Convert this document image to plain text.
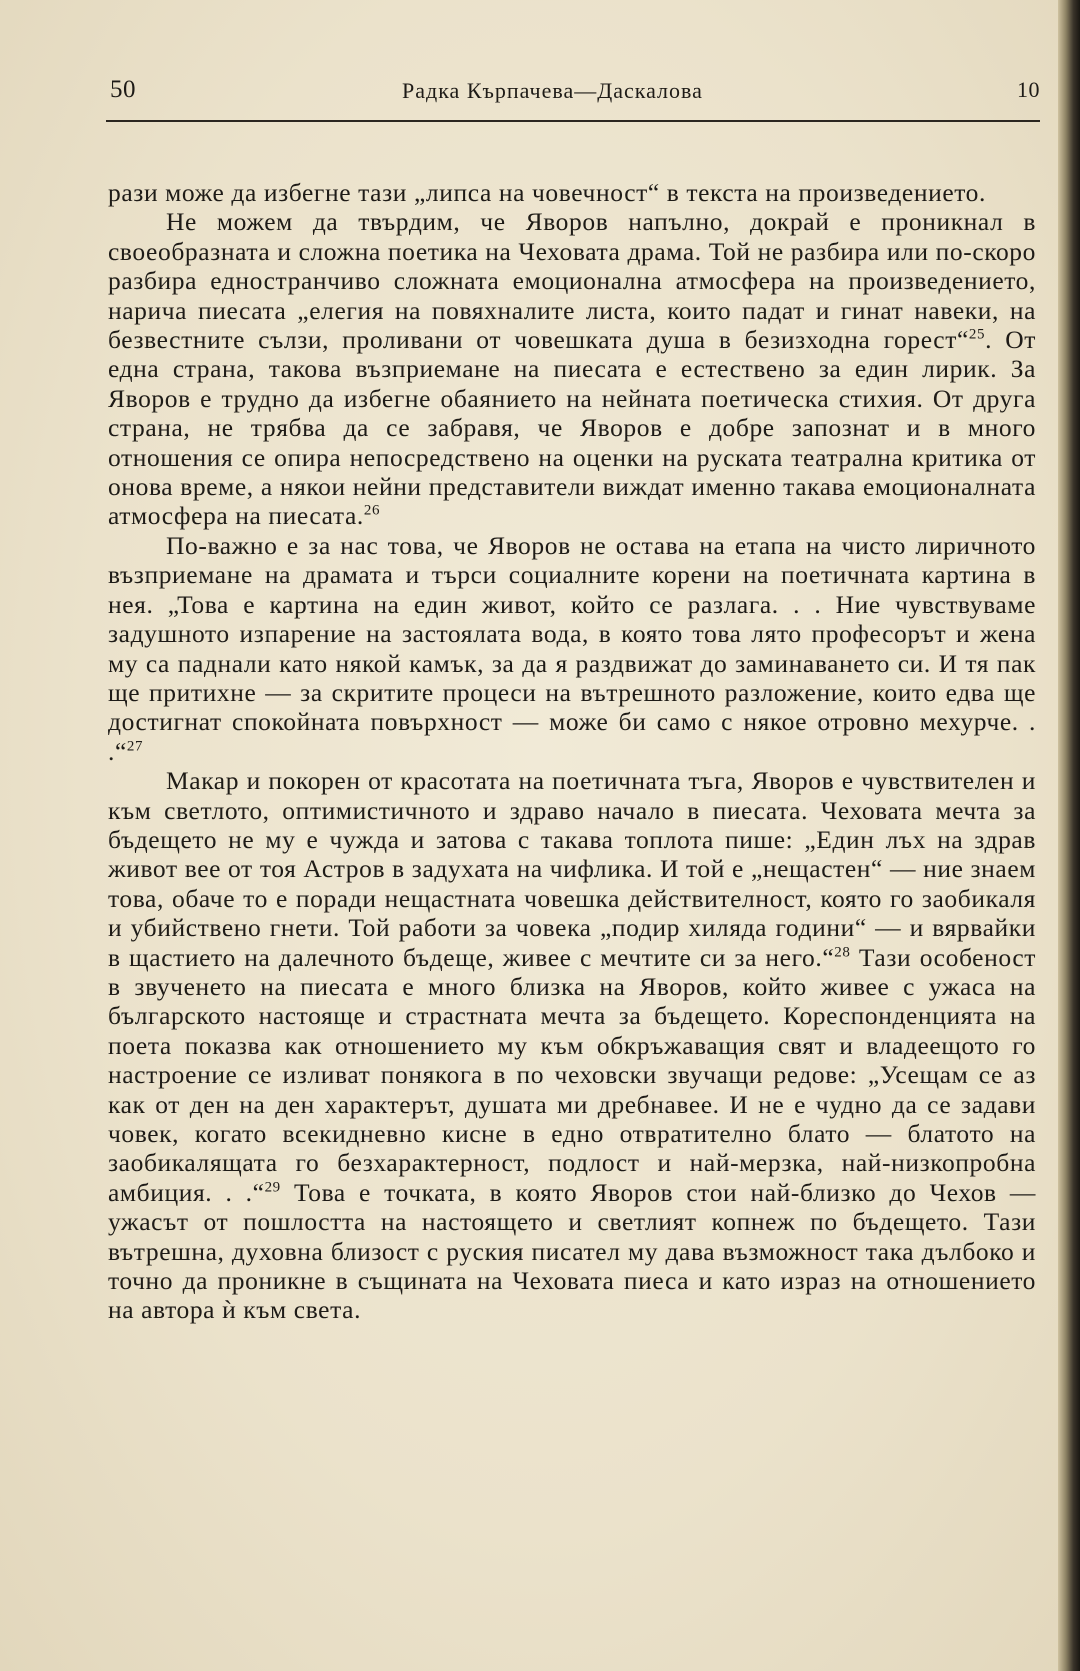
50	Радка Кърпачева—Даскалова	10

рази може да избегне тази „липса на човечност“ в текста на произведението.

Не можем да твърдим, че Яворов напълно, докрай е проникнал в своеобразната и сложна поетика на Чеховата драма. Той не разбира или по-скоро разбира едностранчиво сложната емоционална атмосфера на произведението, нарича пиесата „елегия на повяхналите листа, които падат и гинат навеки, на безвестните сълзи, проливани от човешката душа в безизходна горест“$^{25}$. От една страна, такова възприемане на пиесата е естествено за един лирик. За Яворов е трудно да избегне обаянието на нейната поетическа стихия. От друга страна, не трябва да се забравя, че Яворов е добре запознат и в много отношения се опира непосредствено на оценки на руската театрална критика от онова време, а някои нейни представители виждат именно такава емоционалната атмосфера на пиесата.$^{26}$

По-важно е за нас това, че Яворов не остава на етапа на чисто лиричното възприемане на драмата и търси социалните корени на поетичната картина в нея. „Това е картина на един живот, който се разлага. . . Ние чувствуваме задушното изпарение на застоялата вода, в която това лято професорът и жена му са паднали като някой камък, за да я раздвижат до заминаването си. И тя пак ще притихне — за скритите процеси на вътрешното разложение, които едва ще достигнат спокойната повърхност — може би само с някое отровно мехурче. . .“$^{27}$

Макар и покорен от красотата на поетичната тъга, Яворов е чувствителен и към светлото, оптимистичното и здраво начало в пиесата. Чеховата мечта за бъдещето не му е чужда и затова с такава топлота пише: „Един лъх на здрав живот вее от тоя Астров в задухата на чифлика. И той е „нещастен“ — ние знаем това, обаче то е поради нещастната човешка действителност, която го заобикаля и убийствено гнети. Той работи за човека „подир хиляда години“ — и вярвайки в щастието на далечното бъдеще, живее с мечтите си за него.“$^{28}$ Тази особеност в звученето на пиесата е много близка на Яворов, който живее с ужаса на българското настояще и страстната мечта за бъдещето. Кореспонденцията на поета показва как отношението му към обкръжаващия свят и владеещото го настроение се изливат понякога в по чеховски звучащи редове: „Усещам се аз как от ден на ден характерът, душата ми дребнавее. И не е чудно да се задави човек, когато всекидневно кисне в едно отвратително блато — блатото на заобикалящата го безхарактерност, подлост и най-мерзка, най-низкопробна амбиция. . .“$^{29}$ Това е точката, в която Яворов стои най-близко до Чехов — ужасът от пошлостта на настоящето и светлият копнеж по бъдещето. Тази вътрешна, духовна близост с руския писател му дава възможност така дълбоко и точно да проникне в същината на Чеховата пиеса и като израз на отношението на автора ѝ към света.
